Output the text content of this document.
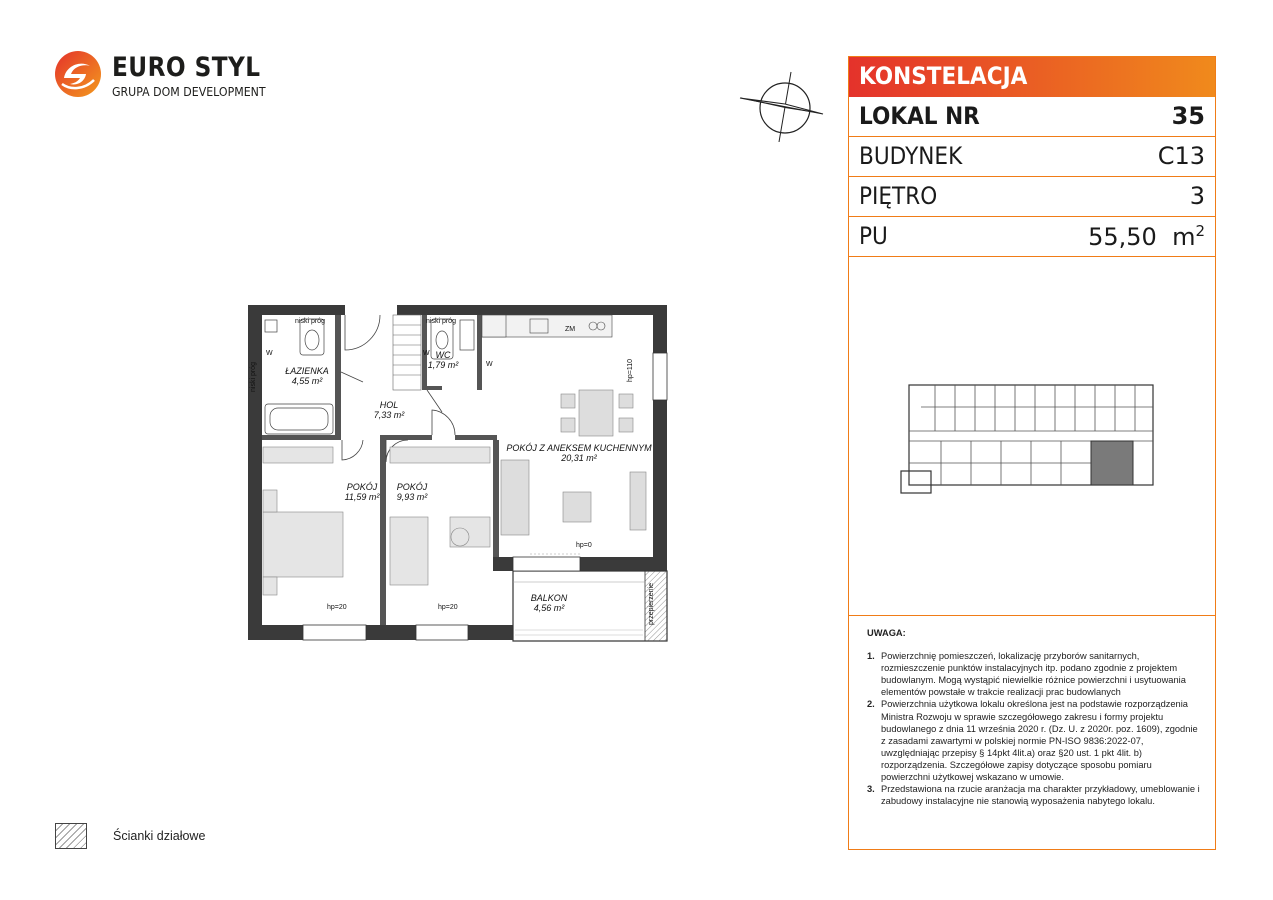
EURO STYL
GRUPA DOM DEVELOPMENT
ŁAZIENKA
4,55 m²
WC
1,79 m²
HOL
7,33 m²
POKÓJ Z ANEKSEM KUCHENNYM
20,31 m²
POKÓJ
11,59 m²
POKÓJ
9,93 m²
BALKON
4,56 m²
niski próg	niski próg
niski próg
ZM
hp=110
hp=0
hp=20	hp=20	przepierzenie
W
W
W
KONSTELACJA
LOKAL NR	35
BUDYNEK	C13
PIĘTRO	3
PU	55,50 $m^2$
UWAGA:
1. Powierzchnię pomieszczeń, lokalizację przyborów sanitarnych, rozmieszczenie punktów instalacyjnych itp. podano zgodnie z projektem budowlanym. Mogą wystąpić niewielkie różnice powierzchni i usytuowania elementów powstałe w trakcie realizacji prac budowlanych

2. Powierzchnia użytkowa lokalu określona jest na podstawie rozporządzenia Ministra Rozwoju w sprawie szczegółowego zakresu i formy projektu budowlanego z dnia 11 września 2020 r. (Dz. U. z 2020r. poz. 1609), zgodnie z zasadami zawartymi w polskiej normie PN-ISO 9836:2022-07, uwzględniając przepisy § 14pkt 4lit.a) oraz §20 ust. 1 pkt 4lit. b) rozporządzenia. Szczegółowe zapisy dotyczące sposobu pomiaru powierzchni użytkowej wskazano w umowie.

3. Przedstawiona na rzucie aranżacja ma charakter przykładowy, umeblowanie i zabudowy instalacyjne nie stanowią wyposażenia nabytego lokalu.

Ścianki działowe
